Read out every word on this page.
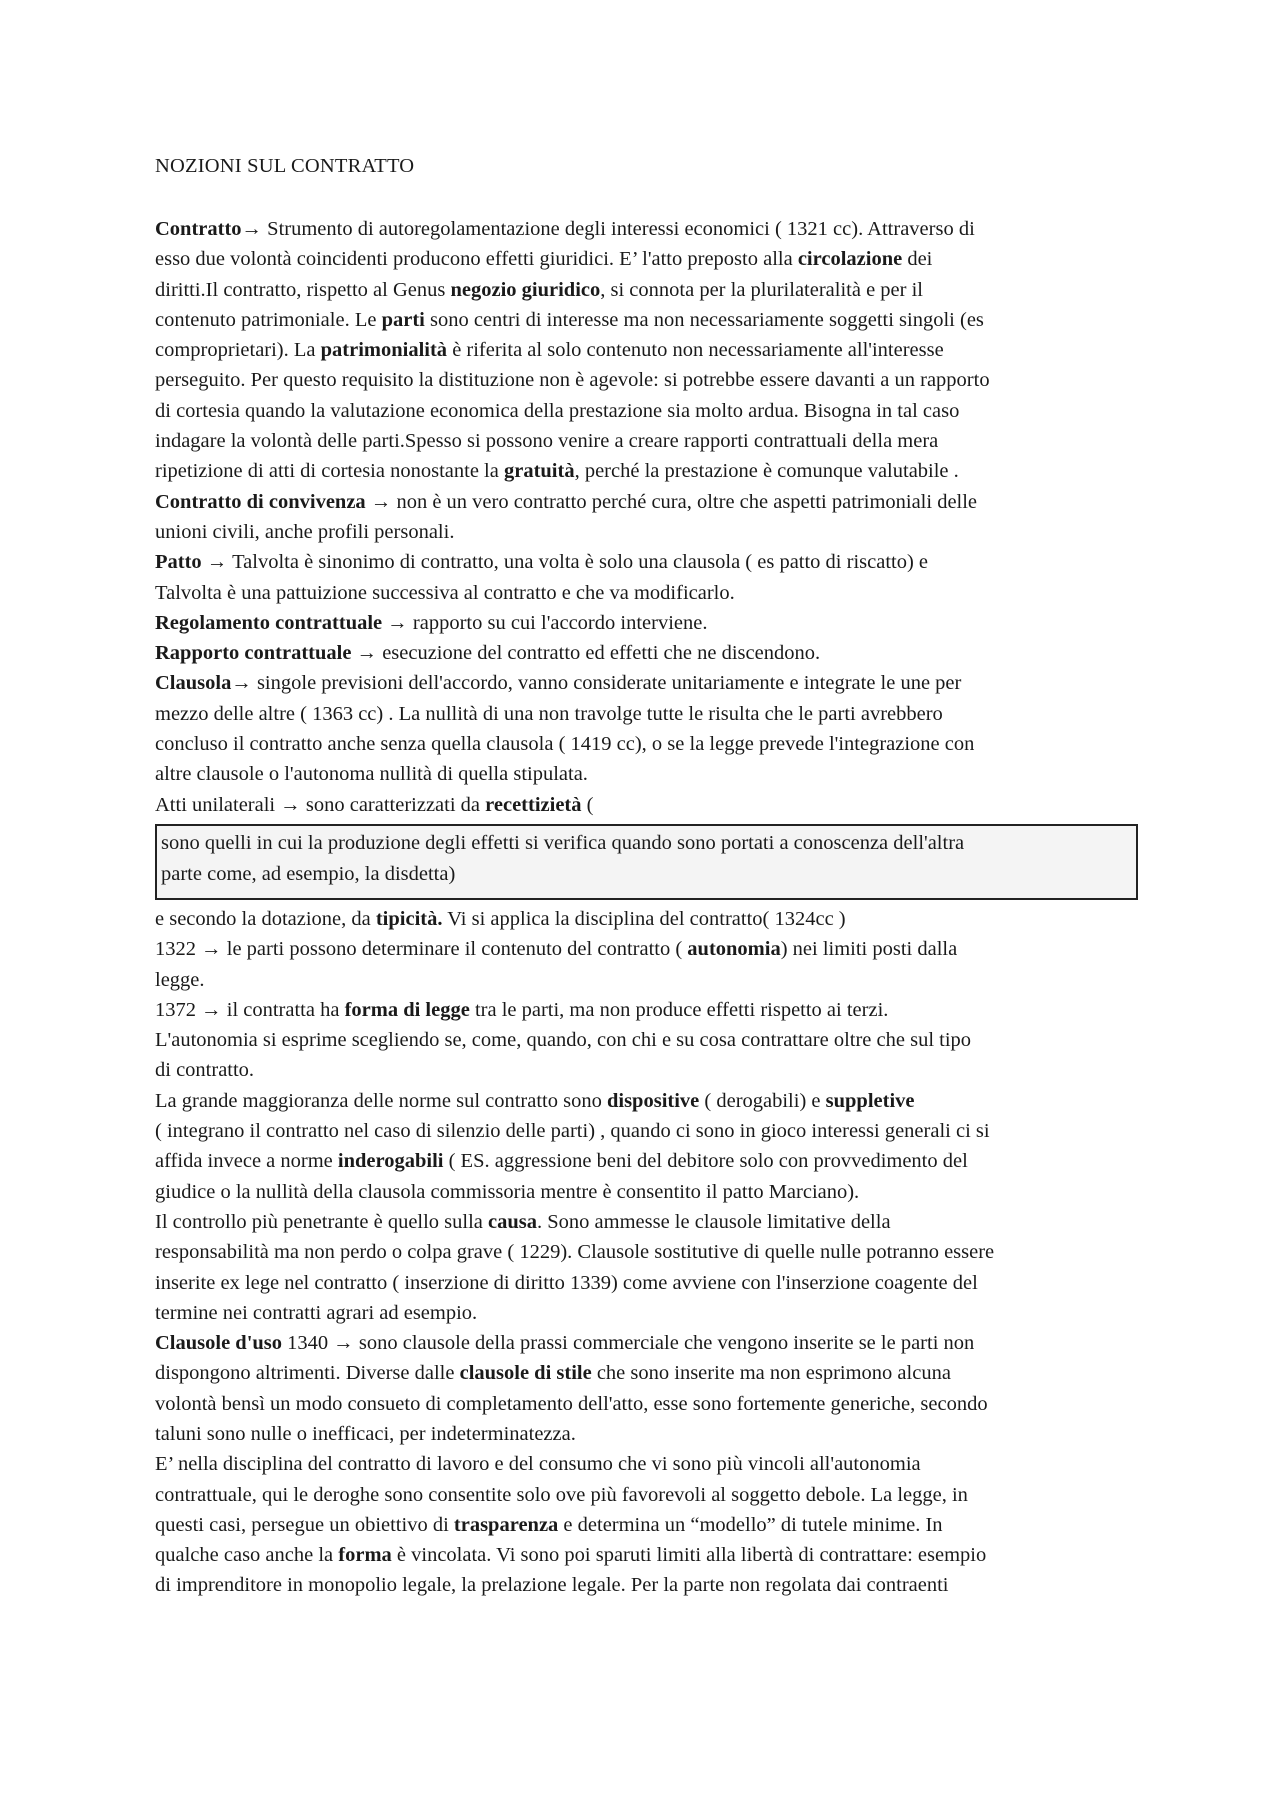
NOZIONI SUL CONTRATTO
Contratto→ Strumento di autoregolamentazione degli interessi economici ( 1321 cc). Attraverso di
esso due volontà coincidenti producono effetti giuridici. E’ l'atto preposto alla circolazione dei
diritti.Il contratto, rispetto al Genus negozio giuridico, si connota per la plurilateralità e per il
contenuto patrimoniale. Le parti sono centri di interesse ma non necessariamente soggetti singoli (es
comproprietari). La patrimonialità è riferita al solo contenuto non necessariamente all'interesse
perseguito. Per questo requisito la distituzione non è agevole: si potrebbe essere davanti a un rapporto
di cortesia quando la valutazione economica della prestazione sia molto ardua. Bisogna in tal caso
indagare la volontà delle parti.Spesso si possono venire a creare rapporti contrattuali della mera
ripetizione di atti di cortesia nonostante la gratuità, perché la prestazione è comunque valutabile .
Contratto di convivenza → non è un vero contratto perché cura, oltre che aspetti patrimoniali delle
unioni civili, anche profili personali.
Patto → Talvolta è sinonimo di contratto, una volta è solo una clausola ( es patto di riscatto) e
Talvolta è una pattuizione successiva al contratto e che va modificarlo.
Regolamento contrattuale → rapporto su cui l'accordo interviene.
Rapporto contrattuale → esecuzione del contratto ed effetti che ne discendono.
Clausola→ singole previsioni dell'accordo, vanno considerate unitariamente e integrate le une per
mezzo delle altre ( 1363 cc) . La nullità di una non travolge tutte le risulta che le parti avrebbero
concluso il contratto anche senza quella clausola ( 1419 cc), o se la legge prevede l'integrazione con
altre clausole o l'autonoma nullità di quella stipulata.
Atti unilaterali → sono caratterizzati da recettizietà (
sono quelli in cui la produzione degli effetti si verifica quando sono portati a conoscenza dell'altra
parte come, ad esempio, la disdetta)
e secondo la dotazione, da tipicità. Vi si applica la disciplina del contratto( 1324cc )
1322 → le parti possono determinare il contenuto del contratto ( autonomia) nei limiti posti dalla
legge.
1372 → il contratta ha forma di legge tra le parti, ma non produce effetti rispetto ai terzi.
L'autonomia si esprime scegliendo se, come, quando, con chi e su cosa contrattare oltre che sul tipo
di contratto.
La grande maggioranza delle norme sul contratto sono dispositive ( derogabili) e suppletive
( integrano il contratto nel caso di silenzio delle parti) , quando ci sono in gioco interessi generali ci si
affida invece a norme inderogabili ( ES. aggressione beni del debitore solo con provvedimento del
giudice o la nullità della clausola commissoria mentre è consentito il patto Marciano).
Il controllo più penetrante è quello sulla causa. Sono ammesse le clausole limitative della
responsabilità ma non perdo o colpa grave ( 1229). Clausole sostitutive di quelle nulle potranno essere
inserite ex lege nel contratto ( inserzione di diritto 1339) come avviene con l'inserzione coagente del
termine nei contratti agrari ad esempio.
Clausole d'uso 1340 → sono clausole della prassi commerciale che vengono inserite se le parti non
dispongono altrimenti. Diverse dalle clausole di stile che sono inserite ma non esprimono alcuna
volontà bensì un modo consueto di completamento dell'atto, esse sono fortemente generiche, secondo
taluni sono nulle o inefficaci, per indeterminatezza.
E’ nella disciplina del contratto di lavoro e del consumo che vi sono più vincoli all'autonomia
contrattuale, qui le deroghe sono consentite solo ove più favorevoli al soggetto debole. La legge, in
questi casi, persegue un obiettivo di trasparenza e determina un “modello” di tutele minime. In
qualche caso anche la forma è vincolata. Vi sono poi sparuti limiti alla libertà di contrattare: esempio
di imprenditore in monopolio legale, la prelazione legale. Per la parte non regolata dai contraenti
